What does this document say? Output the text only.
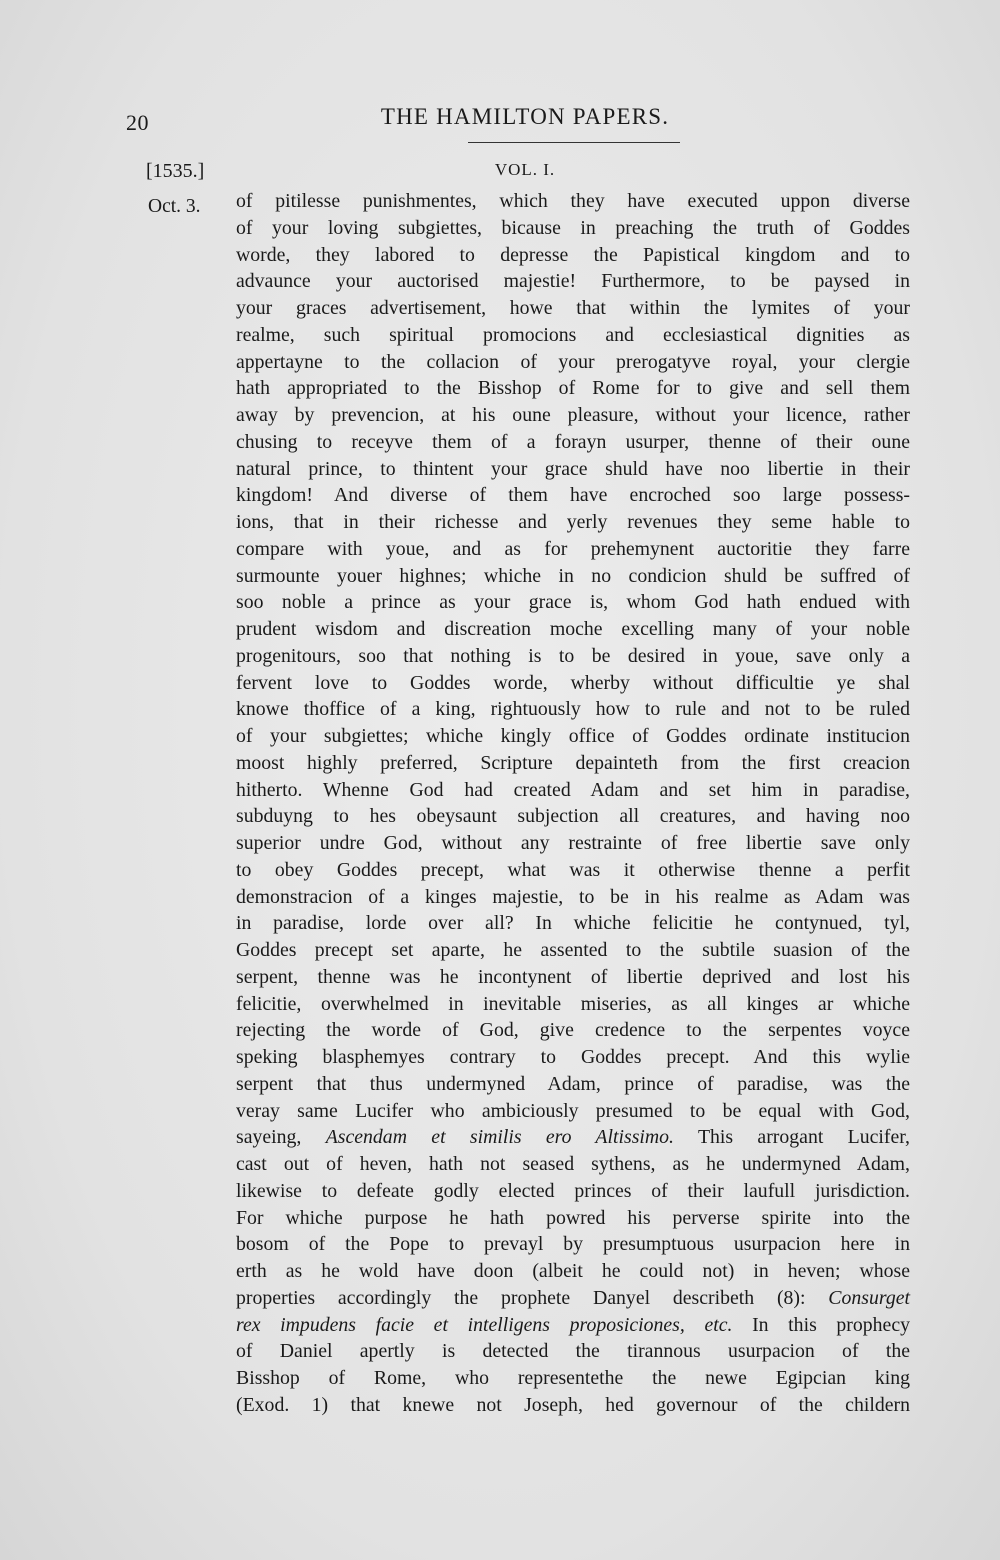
20	THE HAMILTON PAPERS.
[1535.]	VOL. I.
Oct. 3. of pitilesse punishmentes, which they have executed uppon diverse
of your loving subgiettes, bicause in preaching the truth of Goddes
worde, they labored to depresse the Papistical kingdom and to
advaunce your auctorised majestie! Furthermore, to be paysed in
your graces advertisement, howe that within the lymites of your
realme, such spiritual promocions and ecclesiastical dignities as
appertayne to the collacion of your prerogatyve royal, your clergie
hath appropriated to the Bisshop of Rome for to give and sell them
away by prevencion, at his oune pleasure, without your licence, rather
chusing to receyve them of a forayn usurper, thenne of their oune
natural prince, to thintent your grace shuld have noo libertie in their
kingdom! And diverse of them have encroched soo large possess-
ions, that in their richesse and yerly revenues they seme hable to
compare with youe, and as for prehemynent auctoritie they farre
surmounte youer highnes; whiche in no condicion shuld be suffred of
soo noble a prince as your grace is, whom God hath endued with
prudent wisdom and discreation moche excelling many of your noble
progenitours, soo that nothing is to be desired in youe, save only a
fervent love to Goddes worde, wherby without difficultie ye shal
knowe thoffice of a king, rightuously how to rule and not to be ruled
of your subgiettes; whiche kingly office of Goddes ordinate institucion
moost highly preferred, Scripture depainteth from the first creacion
hitherto. Whenne God had created Adam and set him in paradise,
subduyng to hes obeysaunt subjection all creatures, and having noo
superior undre God, without any restrainte of free libertie save only
to obey Goddes precept, what was it otherwise thenne a perfit
demonstracion of a kinges majestie, to be in his realme as Adam was
in paradise, lorde over all? In whiche felicitie he contynued, tyl,
Goddes precept set aparte, he assented to the subtile suasion of the
serpent, thenne was he incontynent of libertie deprived and lost his
felicitie, overwhelmed in inevitable miseries, as all kinges ar whiche
rejecting the worde of God, give credence to the serpentes voyce
speking blasphemyes contrary to Goddes precept. And this wylie
serpent that thus undermyned Adam, prince of paradise, was the
veray same Lucifer who ambiciously presumed to be equal with God,
sayeing, Ascendam et similis ero Altissimo. This arrogant Lucifer,
cast out of heven, hath not seased sythens, as he undermyned Adam,
likewise to defeate godly elected princes of their laufull jurisdiction.
For whiche purpose he hath powred his perverse spirite into the
bosom of the Pope to prevayl by presumptuous usurpacion here in
erth as he wold have doon (albeit he could not) in heven; whose
properties accordingly the prophete Danyel describeth (8): Consurget
rex impudens facie et intelligens proposiciones, etc. In this prophecy
of Daniel apertly is detected the tirannous usurpacion of the
Bisshop of Rome, who representethe the newe Egipcian king
(Exod. 1) that knewe not Joseph, hed governour of the childern
